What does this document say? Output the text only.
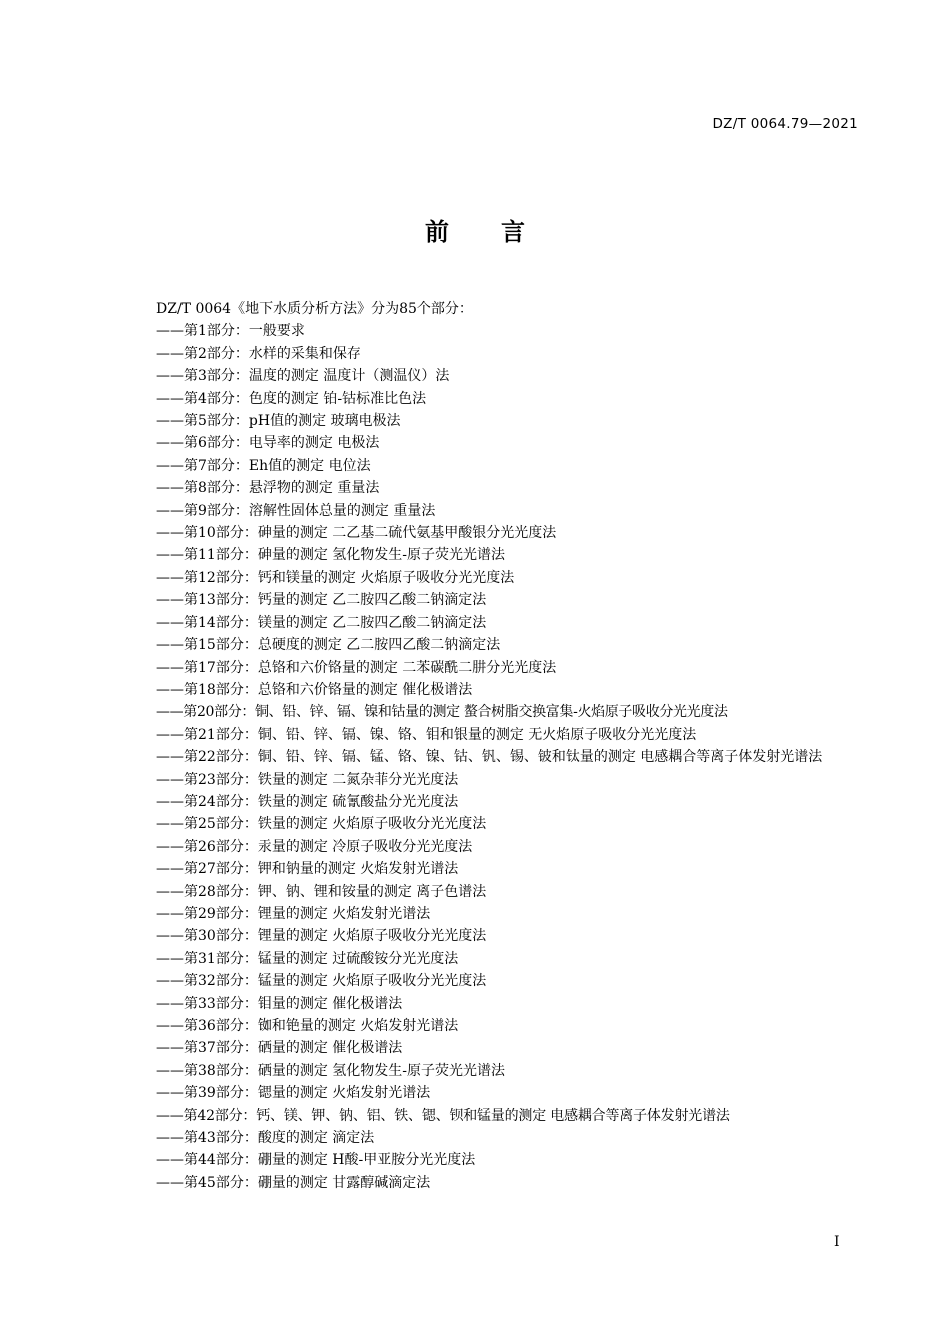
DZ/T 0064.79—2021
前言
DZ/T 0064《地下水质分析方法》分为85个部分：
——第1部分：一般要求
——第2部分：水样的采集和保存
——第3部分：温度的测定 温度计（测温仪）法
——第4部分：色度的测定 铂-钴标准比色法
——第5部分：pH值的测定 玻璃电极法
——第6部分：电导率的测定 电极法
——第7部分：Eh值的测定 电位法
——第8部分：悬浮物的测定 重量法
——第9部分：溶解性固体总量的测定 重量法
——第10部分：砷量的测定 二乙基二硫代氨基甲酸银分光光度法
——第11部分：砷量的测定 氢化物发生-原子荧光光谱法
——第12部分：钙和镁量的测定 火焰原子吸收分光光度法
——第13部分：钙量的测定 乙二胺四乙酸二钠滴定法
——第14部分：镁量的测定 乙二胺四乙酸二钠滴定法
——第15部分：总硬度的测定 乙二胺四乙酸二钠滴定法
——第17部分：总铬和六价铬量的测定 二苯碳酰二肼分光光度法
——第18部分：总铬和六价铬量的测定 催化极谱法
——第20部分：铜、铅、锌、镉、镍和钴量的测定 螯合树脂交换富集-火焰原子吸收分光光度法
——第21部分：铜、铅、锌、镉、镍、铬、钼和银量的测定 无火焰原子吸收分光光度法
——第22部分：铜、铅、锌、镉、锰、铬、镍、钴、钒、锡、铍和钛量的测定 电感耦合等离子体发射光谱法
——第23部分：铁量的测定 二氮杂菲分光光度法
——第24部分：铁量的测定 硫氰酸盐分光光度法
——第25部分：铁量的测定 火焰原子吸收分光光度法
——第26部分：汞量的测定 冷原子吸收分光光度法
——第27部分：钾和钠量的测定 火焰发射光谱法
——第28部分：钾、钠、锂和铵量的测定 离子色谱法
——第29部分：锂量的测定 火焰发射光谱法
——第30部分：锂量的测定 火焰原子吸收分光光度法
——第31部分：锰量的测定 过硫酸铵分光光度法
——第32部分：锰量的测定 火焰原子吸收分光光度法
——第33部分：钼量的测定 催化极谱法
——第36部分：铷和铯量的测定 火焰发射光谱法
——第37部分：硒量的测定 催化极谱法
——第38部分：硒量的测定 氢化物发生-原子荧光光谱法
——第39部分：锶量的测定 火焰发射光谱法
——第42部分：钙、镁、钾、钠、铝、铁、锶、钡和锰量的测定 电感耦合等离子体发射光谱法
——第43部分：酸度的测定 滴定法
——第44部分：硼量的测定 H酸-甲亚胺分光光度法
——第45部分：硼量的测定 甘露醇碱滴定法
I
